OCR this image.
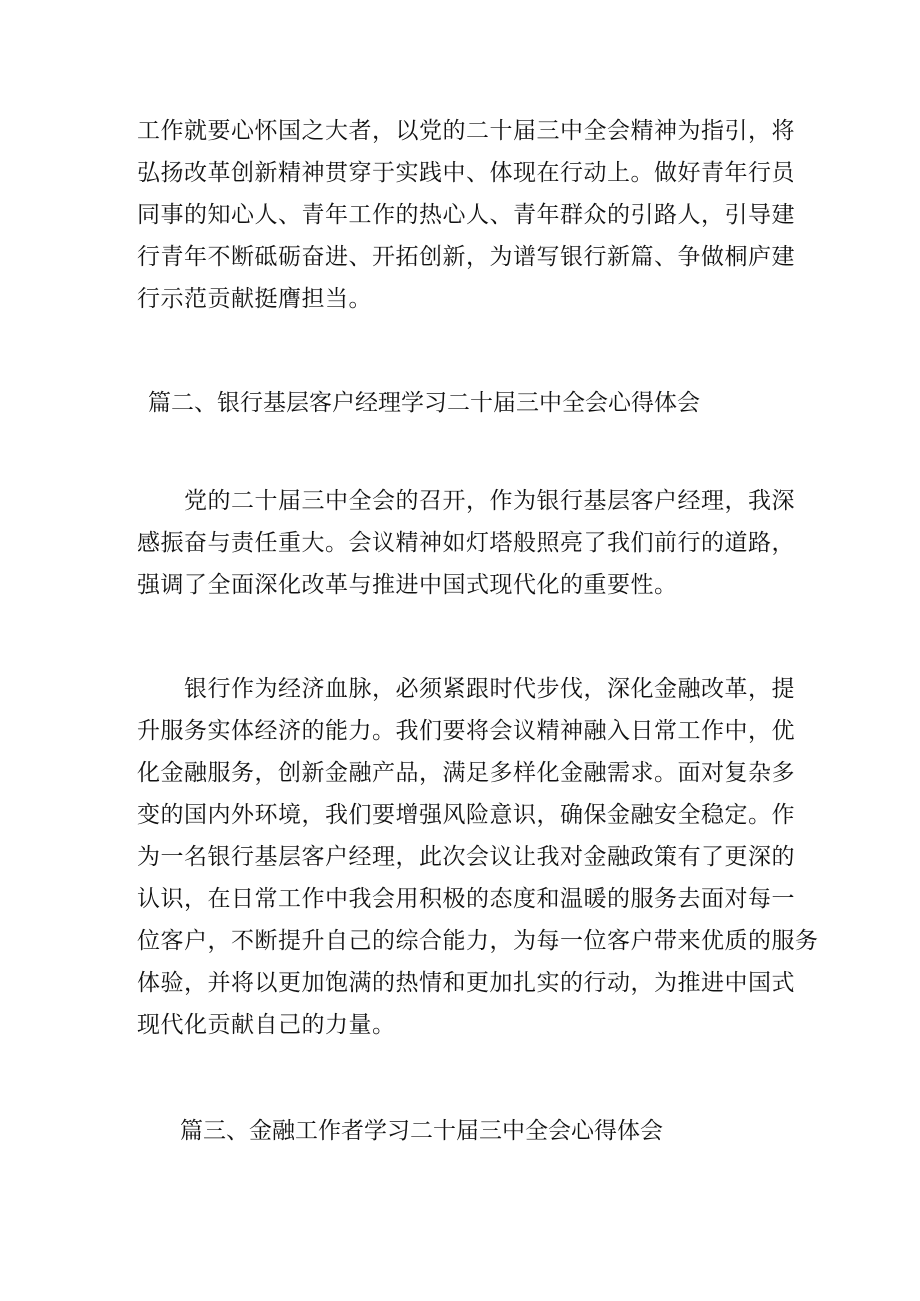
工作就要心怀国之大者，以党的二十届三中全会精神为指引，将
弘扬改革创新精神贯穿于实践中、体现在行动上。做好青年行员
同事的知心人、青年工作的热心人、青年群众的引路人，引导建
行青年不断砥砺奋进、开拓创新，为谱写银行新篇、争做桐庐建
行示范贡献挺膺担当。

篇二、银行基层客户经理学习二十届三中全会心得体会

　　党的二十届三中全会的召开，作为银行基层客户经理，我深
感振奋与责任重大。会议精神如灯塔般照亮了我们前行的道路，
强调了全面深化改革与推进中国式现代化的重要性。

　　银行作为经济血脉，必须紧跟时代步伐，深化金融改革，提
升服务实体经济的能力。我们要将会议精神融入日常工作中，优
化金融服务，创新金融产品，满足多样化金融需求。面对复杂多
变的国内外环境，我们要增强风险意识，确保金融安全稳定。作
为一名银行基层客户经理，此次会议让我对金融政策有了更深的
认识，在日常工作中我会用积极的态度和温暖的服务去面对每一
位客户，不断提升自己的综合能力，为每一位客户带来优质的服务
体验，并将以更加饱满的热情和更加扎实的行动，为推进中国式
现代化贡献自己的力量。

篇三、金融工作者学习二十届三中全会心得体会
